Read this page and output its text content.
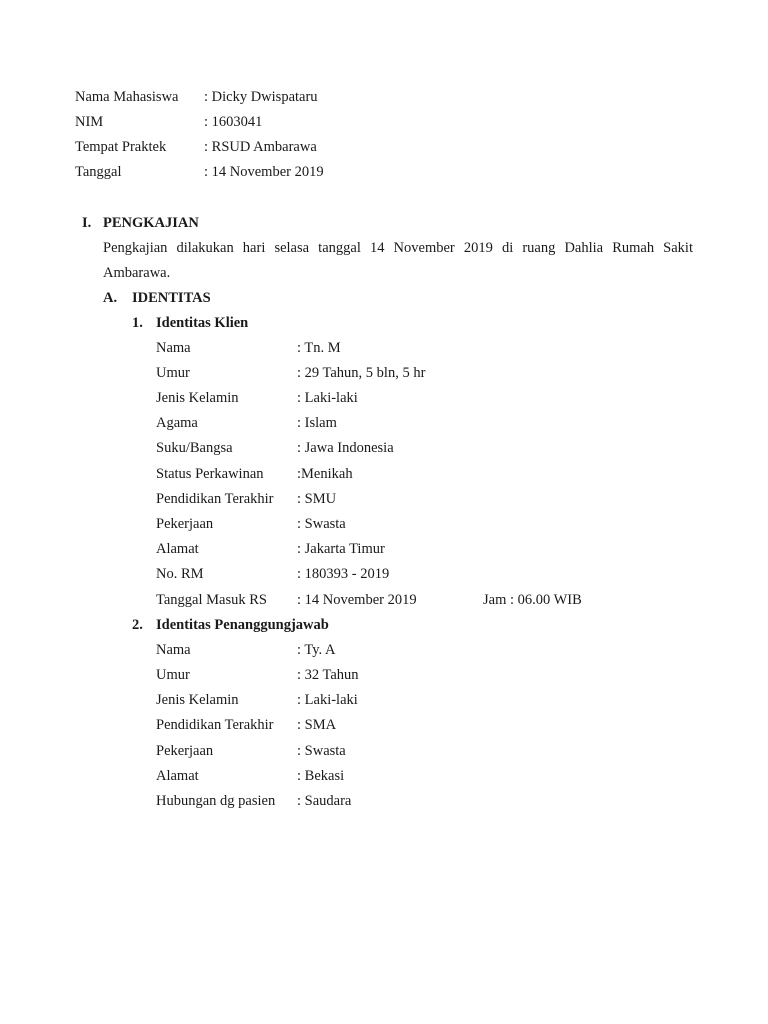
Nama Mahasiswa : Dicky Dwispataru
NIM	: 1603041
Tempat Praktek	: RSUD Ambarawa
Tanggal	: 14 November 2019
I. PENGKAJIAN
Pengkajian dilakukan hari selasa tanggal 14 November 2019 di ruang Dahlia Rumah Sakit
Ambarawa.
A. IDENTITAS
1. Identitas Klien
Nama	: Tn. M
Umur	: 29 Tahun, 5 bln, 5 hr
Jenis Kelamin	: Laki-laki
Agama	: Islam
Suku/Bangsa	: Jawa Indonesia
Status Perkawinan :Menikah
Pendidikan Terakhir : SMU
Pekerjaan	: Swasta
Alamat	: Jakarta Timur
No. RM	: 180393 - 2019
Tanggal Masuk RS : 14 November 2019	Jam : 06.00 WIB
2. Identitas Penanggungjawab
Nama	: Ty. A
Umur	: 32 Tahun
Jenis Kelamin	: Laki-laki
Pendidikan Terakhir : SMA
Pekerjaan	: Swasta
Alamat	: Bekasi
Hubungan dg pasien : Saudara
